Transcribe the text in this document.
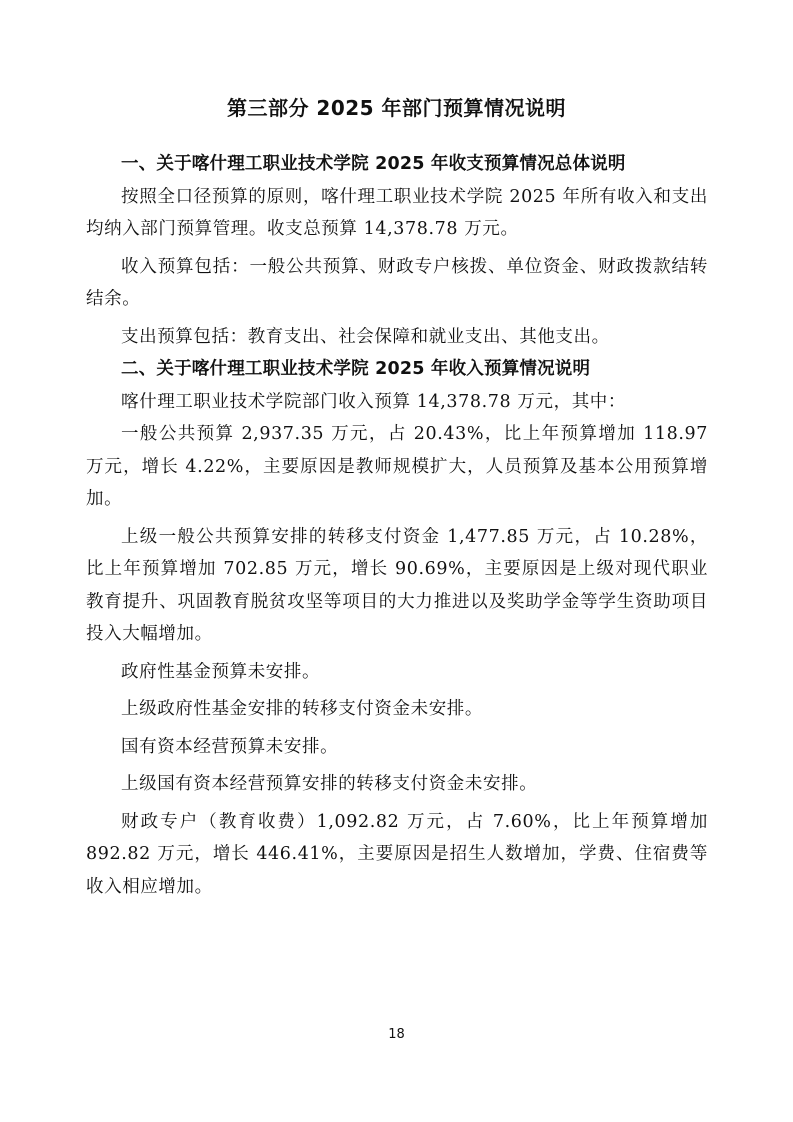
第三部分 2025 年部门预算情况说明
一、关于喀什理工职业技术学院 2025 年收支预算情况总体说明

按照全口径预算的原则，喀什理工职业技术学院 2025 年所有收入和支出均纳入部门预算管理。收支总预算 14,378.78 万元。

收入预算包括：一般公共预算、财政专户核拨、单位资金、财政拨款结转结余。

支出预算包括：教育支出、社会保障和就业支出、其他支出。

二、关于喀什理工职业技术学院 2025 年收入预算情况说明

喀什理工职业技术学院部门收入预算 14,378.78 万元，其中：

一般公共预算 2,937.35 万元，占 20.43%，比上年预算增加 118.97 万元，增长 4.22%，主要原因是教师规模扩大，人员预算及基本公用预算增加。

上级一般公共预算安排的转移支付资金 1,477.85 万元，占 10.28%，比上年预算增加 702.85 万元，增长 90.69%，主要原因是上级对现代职业教育提升、巩固教育脱贫攻坚等项目的大力推进以及奖助学金等学生资助项目投入大幅增加。

政府性基金预算未安排。

上级政府性基金安排的转移支付资金未安排。

国有资本经营预算未安排。

上级国有资本经营预算安排的转移支付资金未安排。

财政专户（教育收费）1,092.82 万元，占 7.60%，比上年预算增加 892.82 万元，增长 446.41%，主要原因是招生人数增加，学费、住宿费等收入相应增加。

18
